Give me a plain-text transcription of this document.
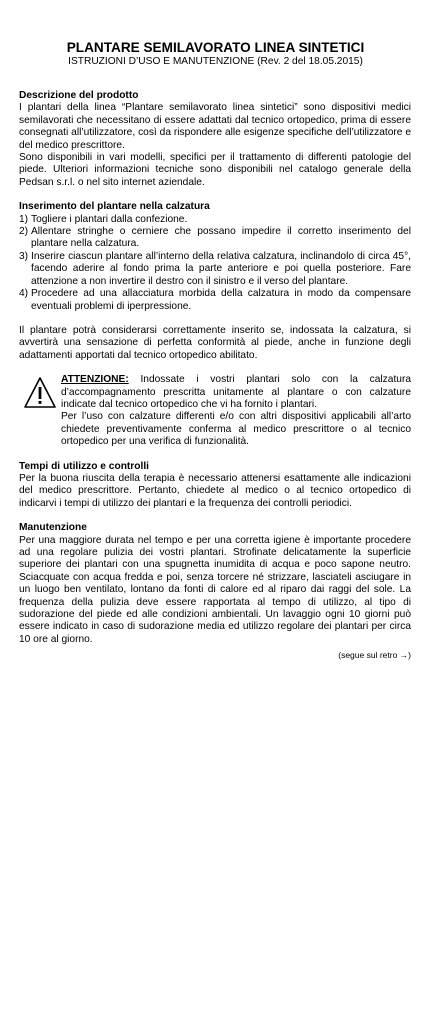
PLANTARE SEMILAVORATO LINEA SINTETICI

ISTRUZIONI D’USO E MANUTENZIONE (Rev. 2 del 18.05.2015)

Descrizione del prodotto

I plantari della linea “Plantare semilavorato linea sintetici” sono dispositivi medici semilavorati che necessitano di essere adattati dal tecnico ortopedico, prima di essere consegnati all’utilizzatore, così da rispondere alle esigenze specifiche dell’utilizzatore e del medico prescrittore.

Sono disponibili in vari modelli, specifici per il trattamento di differenti patologie del piede. Ulteriori informazioni tecniche sono disponibili nel catalogo generale della Pedsan s.r.l. o nel sito internet aziendale.

Inserimento del plantare nella calzatura

1) Togliere i plantari dalla confezione.
2) Allentare stringhe o cerniere che possano impedire il corretto inserimento del plantare nella calzatura.
3) Inserire ciascun plantare all’interno della relativa calzatura, inclinandolo di circa 45°, facendo aderire al fondo prima la parte anteriore e poi quella posteriore. Fare attenzione a non invertire il destro con il sinistro e il verso del plantare.
4) Procedere ad una allacciatura morbida della calzatura in modo da compensare eventuali problemi di iperpressione.

Il plantare potrà considerarsi correttamente inserito se, indossata la calzatura, si avvertirà una sensazione di perfetta conformità al piede, anche in funzione degli adattamenti apportati dal tecnico ortopedico abilitato.

ATTENZIONE: Indossate i vostri plantari solo con la calzatura d’accompagnamento prescritta unitamente al plantare o con calzature indicate dal tecnico ortopedico che vi ha fornito i plantari.

Per l’uso con calzature differenti e/o con altri dispositivi applicabili all’arto chiedete preventivamente conferma al medico prescrittore o al tecnico ortopedico per una verifica di funzionalità.

Tempi di utilizzo e controlli

Per la buona riuscita della terapia è necessario attenersi esattamente alle indicazioni del medico prescrittore. Pertanto, chiedete al medico o al tecnico ortopedico di indicarvi i tempi di utilizzo dei plantari e la frequenza dei controlli periodici.

Manutenzione

Per una maggiore durata nel tempo e per una corretta igiene è importante procedere ad una regolare pulizia dei vostri plantari. Strofinate delicatamente la superficie superiore dei plantari con una spugnetta inumidita di acqua e poco sapone neutro. Sciacquate con acqua fredda e poi, senza torcere né strizzare, lasciateli asciugare in un luogo ben ventilato, lontano da fonti di calore ed al riparo dai raggi del sole. La frequenza della pulizia deve essere rapportata al tempo di utilizzo, al tipo di sudorazione del piede ed alle condizioni ambientali. Un lavaggio ogni 10 giorni può essere indicato in caso di sudorazione media ed utilizzo regolare dei plantari per circa 10 ore al giorno.

(segue sul retro →)
